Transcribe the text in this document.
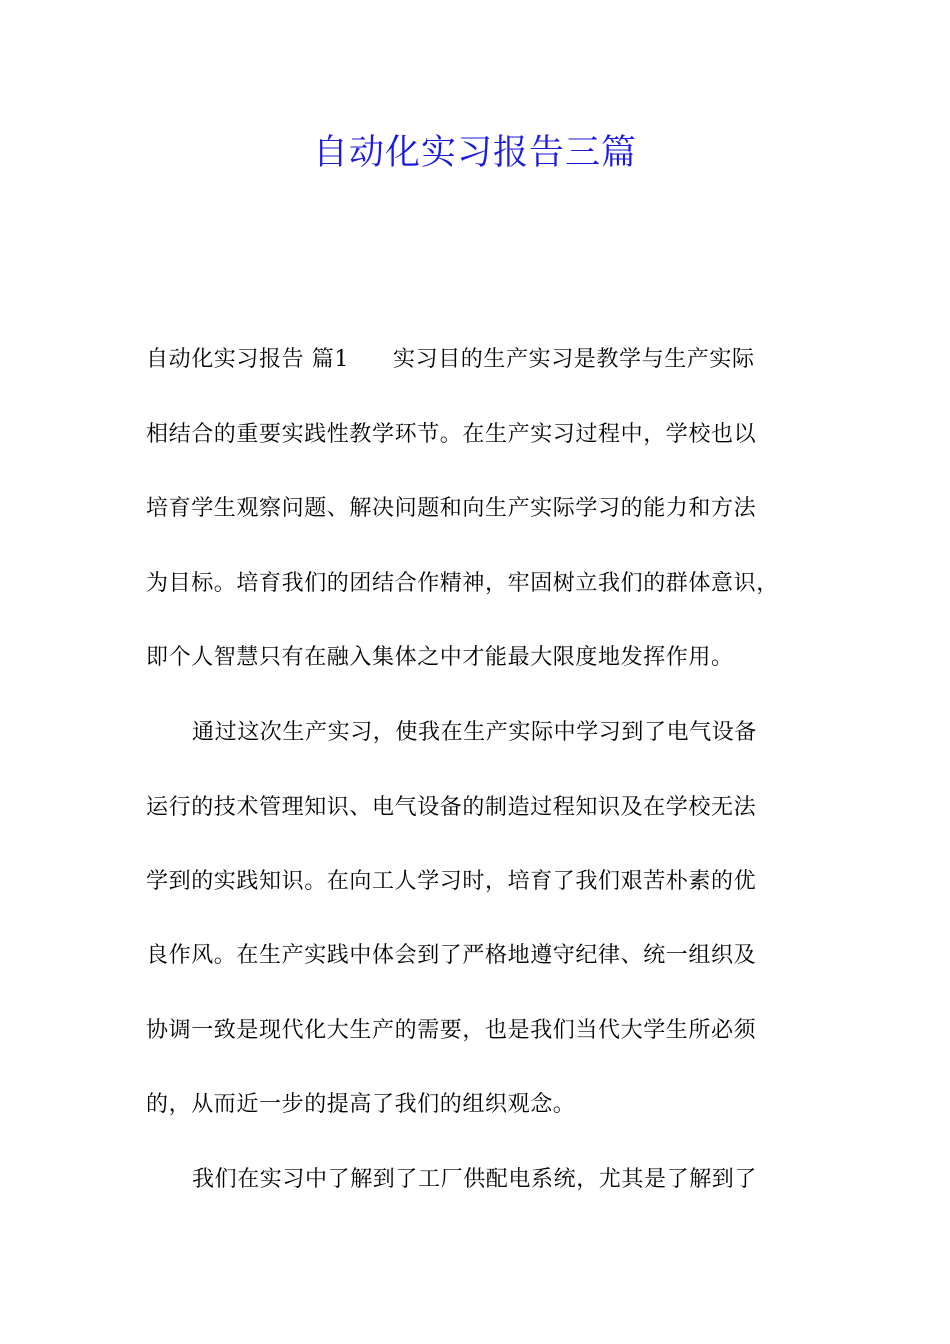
自动化实习报告三篇
自动化实习报告 篇1 实习目的生产实习是教学与生产实际
相结合的重要实践性教学环节。在生产实习过程中，学校也以
培育学生观察问题、解决问题和向生产实际学习的能力和方法
为目标。培育我们的团结合作精神，牢固树立我们的群体意识，
即个人智慧只有在融入集体之中才能最大限度地发挥作用。
通过这次生产实习，使我在生产实际中学习到了电气设备
运行的技术管理知识、电气设备的制造过程知识及在学校无法
学到的实践知识。在向工人学习时，培育了我们艰苦朴素的优
良作风。在生产实践中体会到了严格地遵守纪律、统一组织及
协调一致是现代化大生产的需要，也是我们当代大学生所必须
的，从而近一步的提高了我们的组织观念。
我们在实习中了解到了工厂供配电系统，尤其是了解到了
